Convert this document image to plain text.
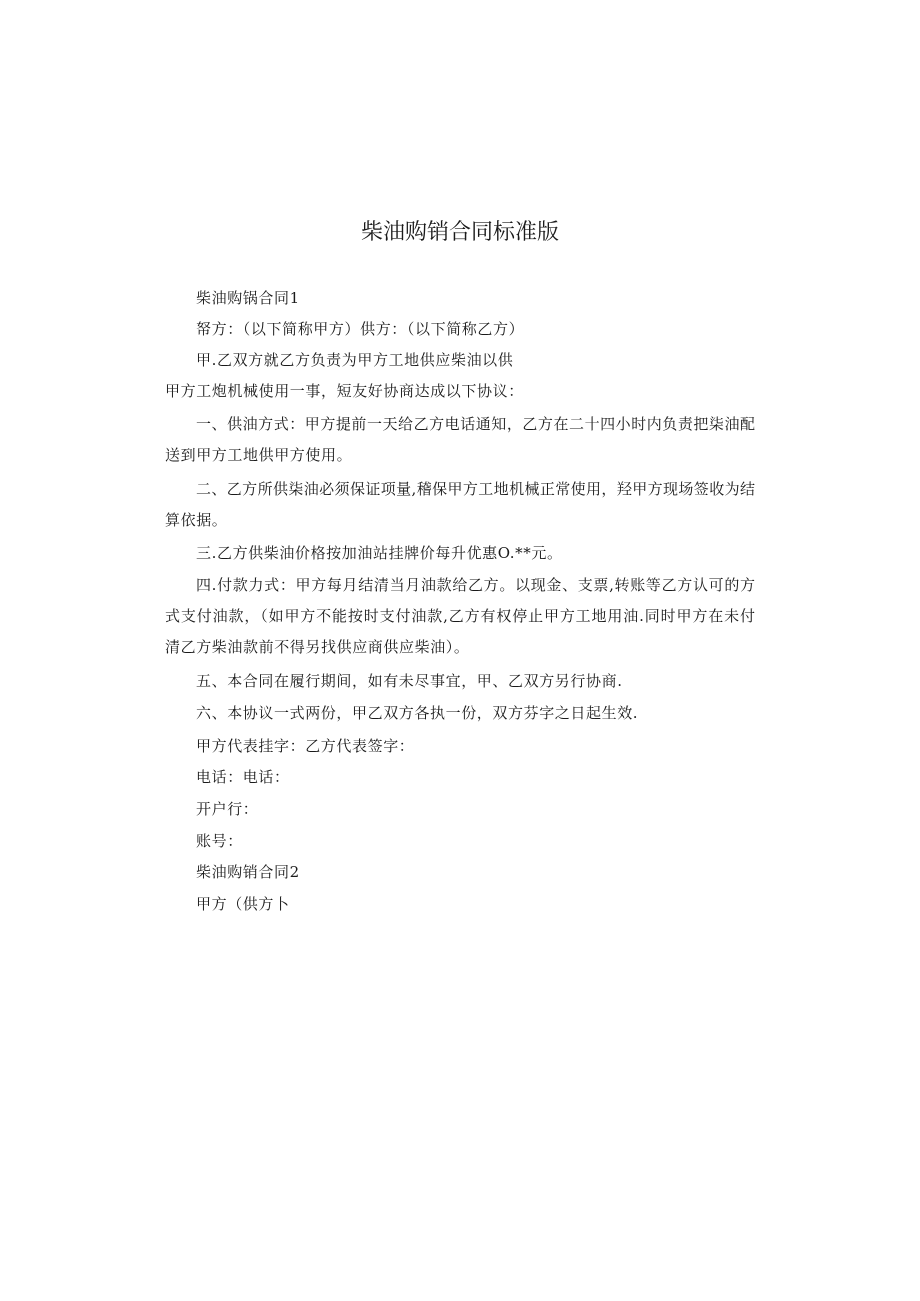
柴油购销合同标准版
柴油购锅合同1
帑方：（以下简称甲方）供方：（以下简称乙方）
甲.乙双方就乙方负责为甲方工地供应柴油以供
甲方工炮机械使用一事，短友好协商达成以下协议：
一、供油方式：甲方提前一天给乙方电话通知，乙方在二十四小时内负责把柒油配
送到甲方工地供甲方使用。
二、乙方所供柒油必须保证项量,稽保甲方工地机械正常使用，羟甲方现场签收为结
算依据。
三.乙方供柴油价格按加油站挂牌价每升优惠O.**元。
四.付款力式：甲方每月结清当月油款给乙方。以现金、支票,转账等乙方认可的方
式支付油款，（如甲方不能按时支付油款,乙方有权停止甲方工地用油.同时甲方在未付
清乙方柴油款前不得另找供应商供应柴油）。
五、本合同在履行期间，如有未尽事宜，甲、乙双方另行协商.
六、本协议一式两份，甲乙双方各执一份，双方芬字之日起生效.
甲方代表挂字：乙方代表签字：
电话：电话：
开户行：
账号：
柴油购销合同2
甲方（供方卜
